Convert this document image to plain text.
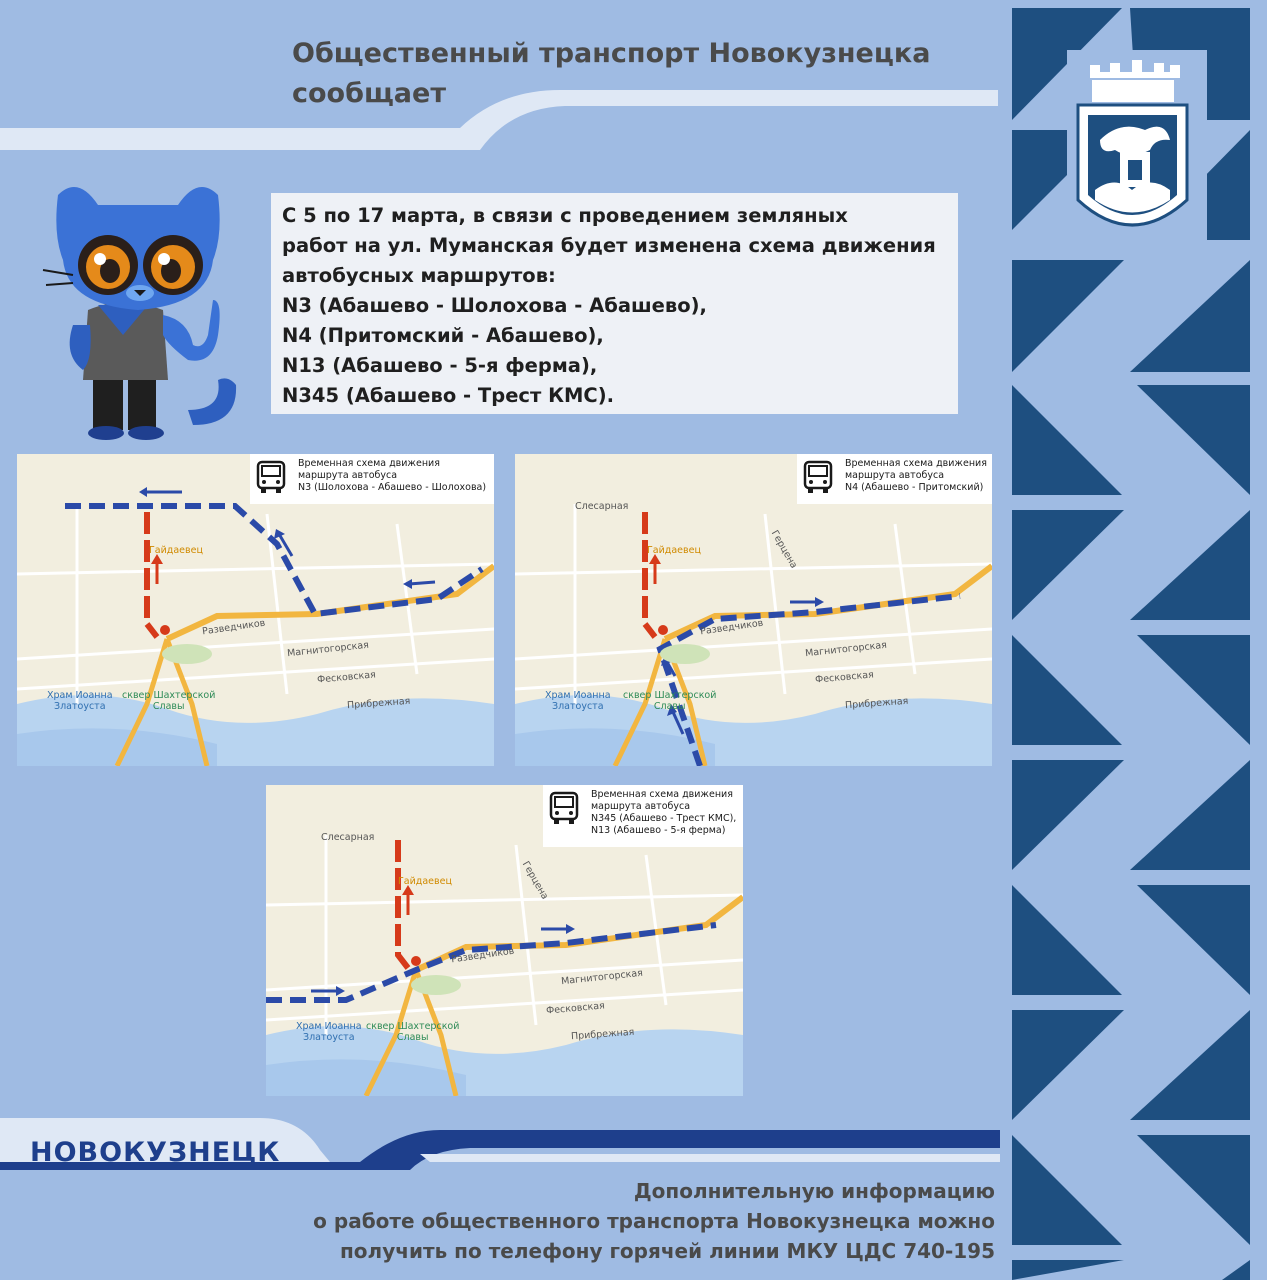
Общественный транспорт Новокузнецка
сообщает
С 5 по 17 марта, в связи с проведением земляных
работ на ул. Муманская будет изменена схема движения
автобусных маршрутов:
N3 (Абашево - Шолохова - Абашево),
N4 (Притомский - Абашево),
N13 (Абашево - 5-я ферма),
N345 (Абашево - Трест КМС).
Гайдаевец
Разведчиков
Магнитогорская
Фесковская
Прибрежная
Храм Иоанна
Златоуста
сквер Шахтерской
Славы
Временная схема движения
маршрута автобуса
N3 (Шолохова - Абашево - Шолохова)
Слесарная
Герцена
Гайдаевец
Разведчиков
Магнитогорская
Фесковская
Прибрежная
Храм Иоанна
Златоуста
сквер Шахтерской
Славы
Временная схема движения
маршрута автобуса
N4 (Абашево - Притомский)
Слесарная
Герцена
Гайдаевец
Разведчиков
Магнитогорская
Фесковская
Прибрежная
Храм Иоанна
Златоуста
сквер Шахтерской
Славы
Временная схема движения
маршрута автобуса
N345 (Абашево - Трест КМС),
N13 (Абашево - 5-я ферма)
НОВОКУЗНЕЦК
Дополнительную информацию
о работе общественного транспорта Новокузнецка можно
получить по телефону горячей линии МКУ ЦДС 740-195
